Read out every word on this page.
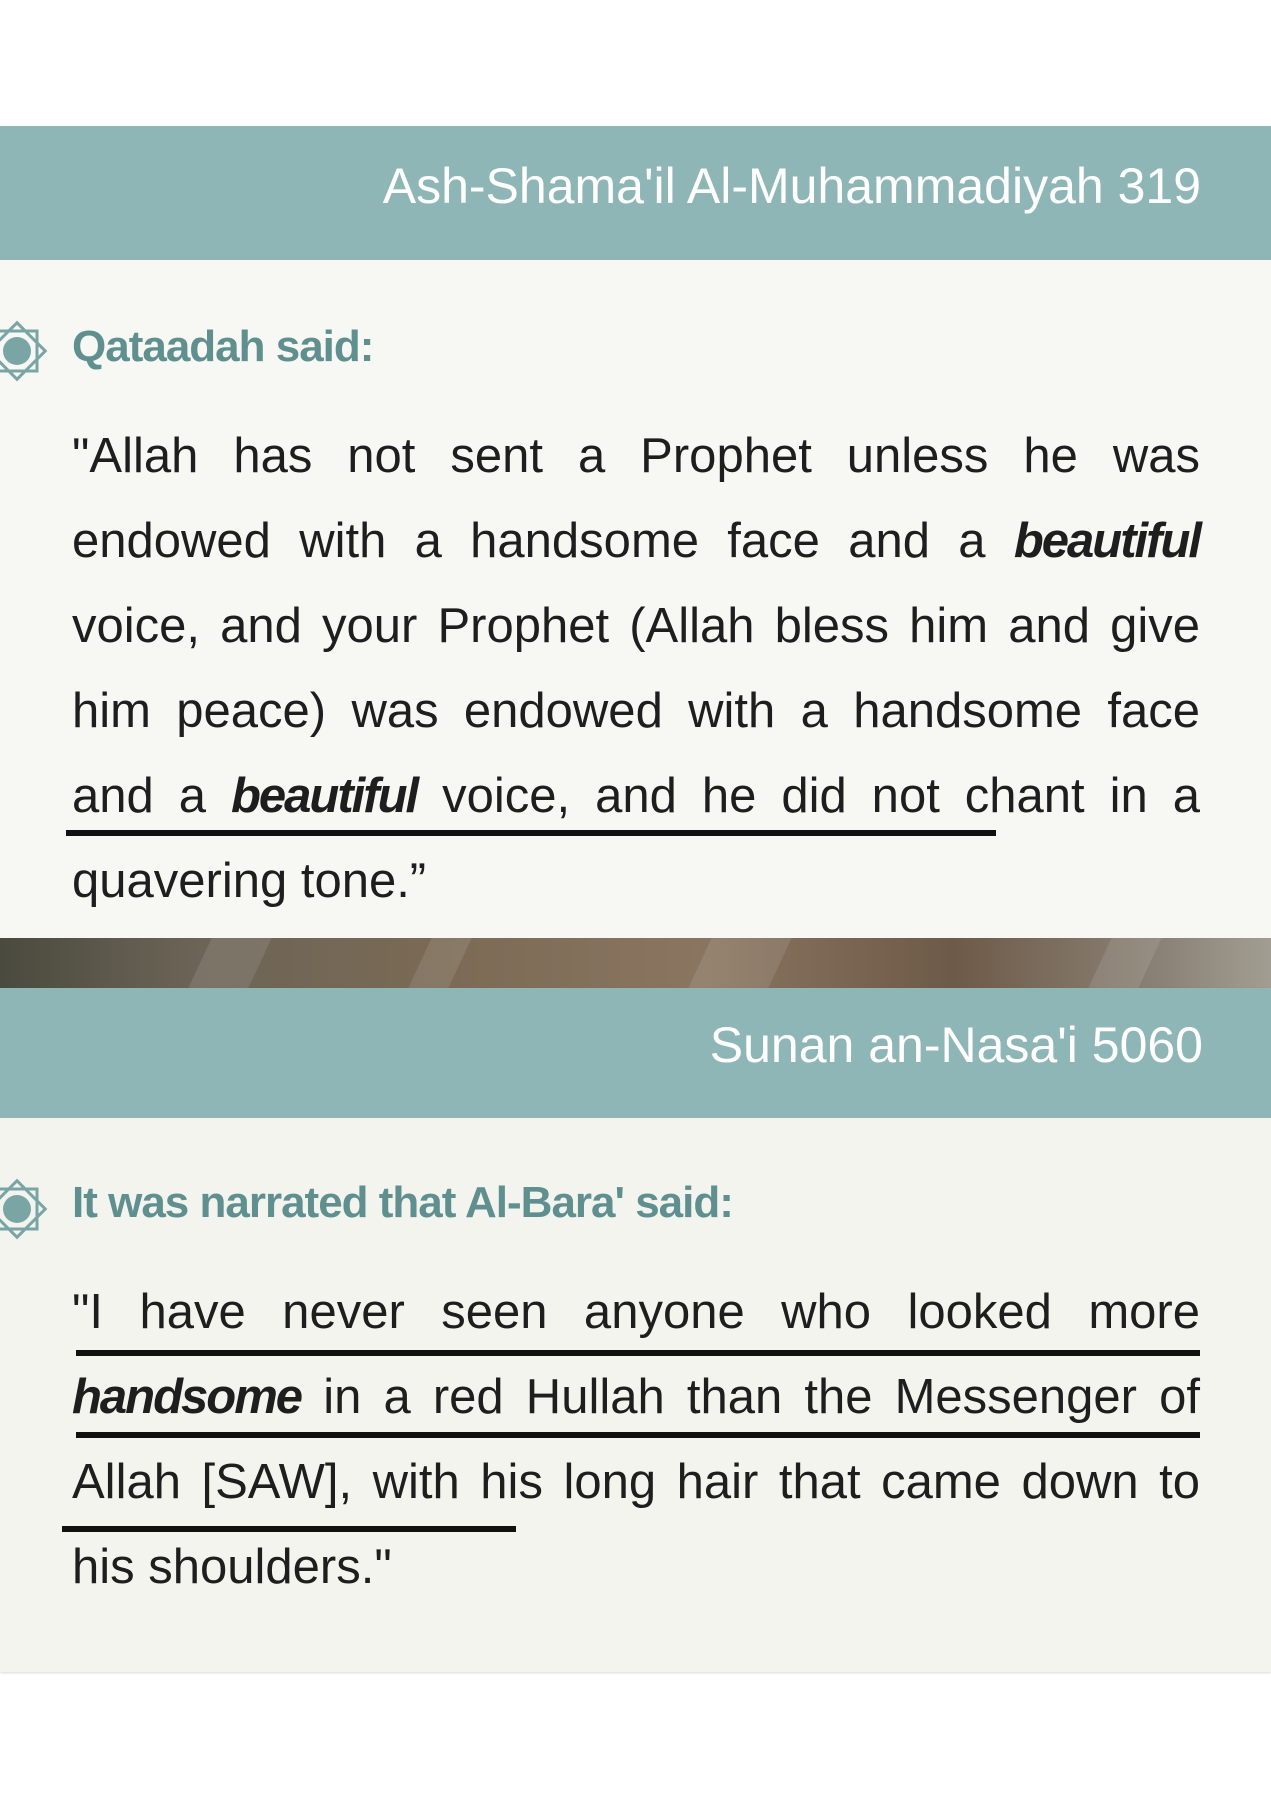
Ash-Shama'il Al-Muhammadiyah 319
Qataadah said:
"Allah has not sent a Prophet unless he was endowed with a handsome face and a beautiful voice, and your Prophet (Allah bless him and give him peace) was endowed with a handsome face and a beautiful voice, and he did not chant in a quavering tone.”
Sunan an-Nasa'i 5060
It was narrated that Al-Bara' said:
"I have never seen anyone who looked more handsome in a red Hullah than the Messenger of Allah [SAW], with his long hair that came down to his shoulders."
